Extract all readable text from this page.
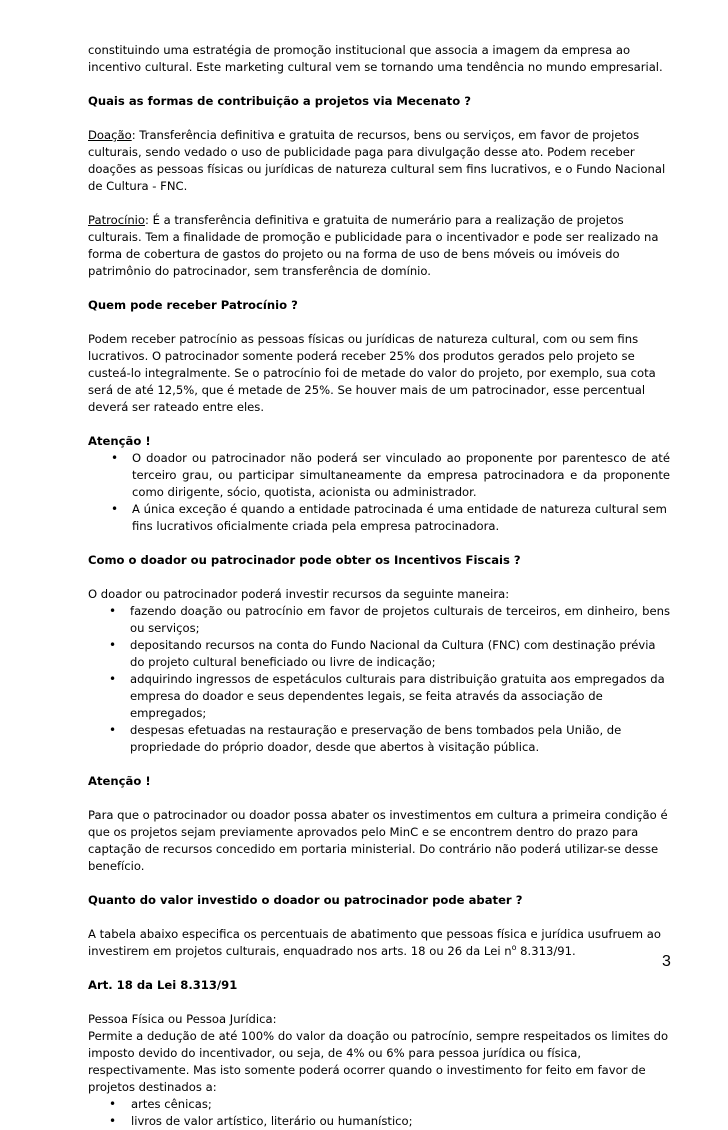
constituindo uma estratégia de promoção institucional que associa a imagem da empresa ao incentivo cultural. Este marketing cultural vem se tornando uma tendência no mundo empresarial.

Quais as formas de contribuição a projetos via Mecenato ?

Doação: Transferência definitiva e gratuita de recursos, bens ou serviços, em favor de projetos culturais, sendo vedado o uso de publicidade paga para divulgação desse ato. Podem receber doações as pessoas físicas ou jurídicas de natureza cultural sem fins lucrativos, e o Fundo Nacional de Cultura - FNC.

Patrocínio: É a transferência definitiva e gratuita de numerário para a realização de projetos culturais. Tem a finalidade de promoção e publicidade para o incentivador e pode ser realizado na forma de cobertura de gastos do projeto ou na forma de uso de bens móveis ou imóveis do patrimônio do patrocinador, sem transferência de domínio.

Quem pode receber Patrocínio ?

Podem receber patrocínio as pessoas físicas ou jurídicas de natureza cultural, com ou sem fins lucrativos. O patrocinador somente poderá receber 25% dos produtos gerados pelo projeto se custeá-lo integralmente. Se o patrocínio foi de metade do valor do projeto, por exemplo, sua cota será de até 12,5%, que é metade de 25%. Se houver mais de um patrocinador, esse percentual deverá ser rateado entre eles.

Atenção !

• O doador ou patrocinador não poderá ser vinculado ao proponente por parentesco de até terceiro grau, ou participar simultaneamente da empresa patrocinadora e da proponente como dirigente, sócio, quotista, acionista ou administrador.
• A única exceção é quando a entidade patrocinada é uma entidade de natureza cultural sem fins lucrativos oficialmente criada pela empresa patrocinadora.

Como o doador ou patrocinador pode obter os Incentivos Fiscais ?

O doador ou patrocinador poderá investir recursos da seguinte maneira:

• fazendo doação ou patrocínio em favor de projetos culturais de terceiros, em dinheiro, bens ou serviços;
• depositando recursos na conta do Fundo Nacional da Cultura (FNC) com destinação prévia do projeto cultural beneficiado ou livre de indicação;
• adquirindo ingressos de espetáculos culturais para distribuição gratuita aos empregados da empresa do doador e seus dependentes legais, se feita através da associação de empregados;
• despesas efetuadas na restauração e preservação de bens tombados pela União, de propriedade do próprio doador, desde que abertos à visitação pública.

Atenção !

Para que o patrocinador ou doador possa abater os investimentos em cultura a primeira condição é que os projetos sejam previamente aprovados pelo MinC e se encontrem dentro do prazo para captação de recursos concedido em portaria ministerial. Do contrário não poderá utilizar-se desse benefício.

Quanto do valor investido o doador ou patrocinador pode abater ?

A tabela abaixo especifica os percentuais de abatimento que pessoas física e jurídica usufruem ao investirem em projetos culturais, enquadrado nos arts. 18 ou 26 da Lei $n^o$ 8.313/91.

Art. 18 da Lei 8.313/91

Pessoa Física ou Pessoa Jurídica:

Permite a dedução de até 100% do valor da doação ou patrocínio, sempre respeitados os limites do imposto devido do incentivador, ou seja, de 4% ou 6% para pessoa jurídica ou física, respectivamente. Mas isto somente poderá ocorrer quando o investimento for feito em favor de projetos destinados a:

• artes cênicas;
• livros de valor artístico, literário ou humanístico;
3
